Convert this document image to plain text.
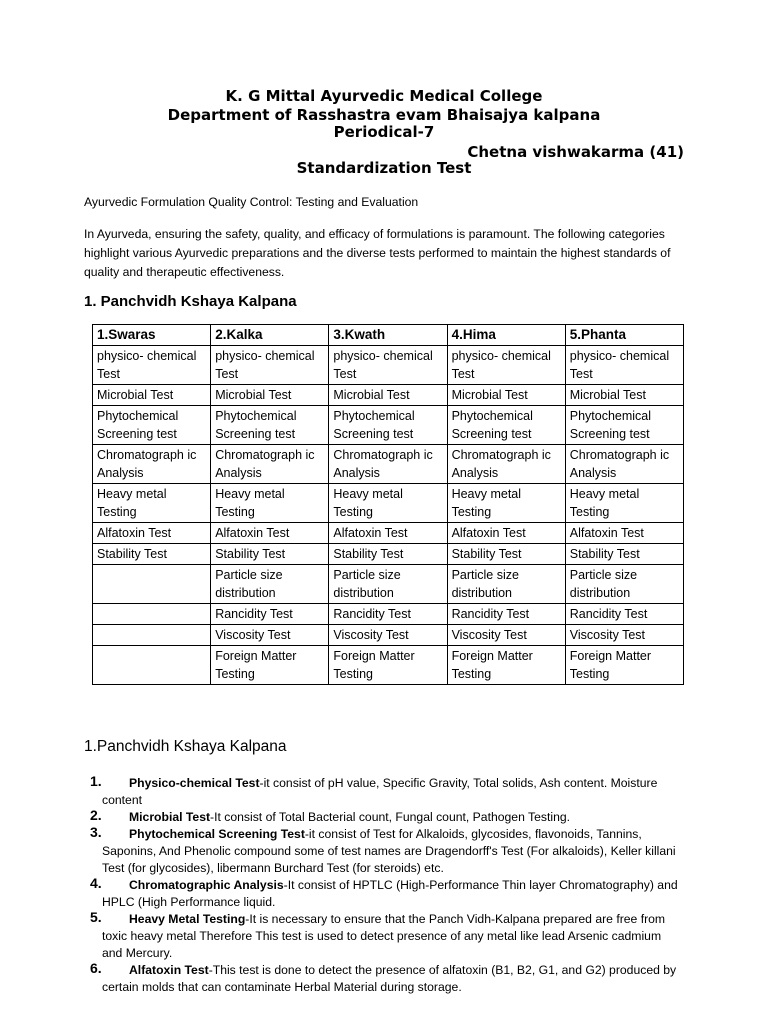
K. G Mittal Ayurvedic Medical College
Department of Rasshastra evam Bhaisajya kalpana
Periodical-7
Chetna vishwakarma (41)
Standardization Test
Ayurvedic Formulation Quality Control: Testing and Evaluation
In Ayurveda, ensuring the safety, quality, and efficacy of formulations is paramount. The following categories highlight various Ayurvedic preparations and the diverse tests performed to maintain the highest standards of quality and therapeutic effectiveness.
1. Panchvidh Kshaya Kalpana
1.Swaras	2.Kalka	3.Kwath	4.Hima	5.Phanta
physico- chemical Test	physico- chemical Test	physico- chemical Test	physico- chemical Test	physico- chemical Test
Microbial Test	Microbial Test	Microbial Test	Microbial Test	Microbial Test
Phytochemical Screening test	Phytochemical Screening test	Phytochemical Screening test	Phytochemical Screening test	Phytochemical Screening test
Chromatograph ic Analysis	Chromatograph ic Analysis	Chromatograph ic Analysis	Chromatograph ic Analysis	Chromatograph ic Analysis
Heavy metal Testing	Heavy metal Testing	Heavy metal Testing	Heavy metal Testing	Heavy metal Testing
Alfatoxin Test	Alfatoxin Test	Alfatoxin Test	Alfatoxin Test	Alfatoxin Test
Stability Test	Stability Test	Stability Test	Stability Test	Stability Test
	Particle size distribution	Particle size distribution	Particle size distribution	Particle size distribution
	Rancidity Test	Rancidity Test	Rancidity Test	Rancidity Test
	Viscosity Test	Viscosity Test	Viscosity Test	Viscosity Test
	Foreign Matter Testing	Foreign Matter Testing	Foreign Matter Testing	Foreign Matter Testing
1.Panchvidh Kshaya Kalpana
1. Physico-chemical Test-it consist of pH value, Specific Gravity, Total solids, Ash content. Moisture content
2. Microbial Test-It consist of Total Bacterial count, Fungal count, Pathogen Testing.
3. Phytochemical Screening Test-it consist of Test for Alkaloids, glycosides, flavonoids, Tannins, Saponins, And Phenolic compound some of test names are Dragendorff's Test (For alkaloids), Keller killani Test (for glycosides), libermann Burchard Test (for steroids) etc.
4. Chromatographic Analysis-It consist of HPTLC (High-Performance Thin layer Chromatography) and HPLC (High Performance liquid.
5. Heavy Metal Testing-It is necessary to ensure that the Panch Vidh-Kalpana prepared are free from toxic heavy metal Therefore This test is used to detect presence of any metal like lead Arsenic cadmium and Mercury.
6. Alfatoxin Test-This test is done to detect the presence of alfatoxin (B1, B2, G1, and G2) produced by certain molds that can contaminate Herbal Material during storage.
